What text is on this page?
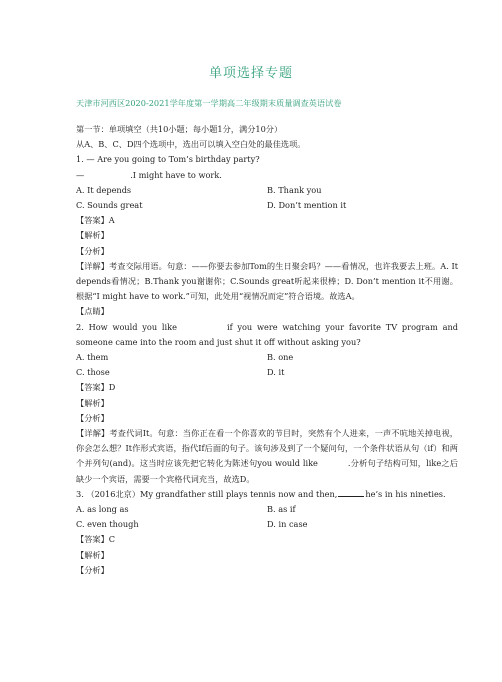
单项选择专题
天津市河西区2020-2021学年度第一学期高二年级期末质量调查英语试卷
第一节：单项填空（共10小题；每小题1分，满分10分）
从A、B、C、D四个选项中，选出可以填入空白处的最佳选项。
1. — Are you going to Tom’s birthday party?
—	.I might have to work.
A. It depends	B. Thank you
C. Sounds great	D. Don’t mention it
【答案】A
【解析】
【分析】
【详解】考查交际用语。句意：——你要去参加Tom的生日聚会吗？——看情况，也许我要去上班。A. It depends看情况；B.Thank you谢谢你；C.Sounds great听起来很棒；D. Don’t mention it不用谢。根据“I might have to work.”可知，此处用“视情况而定”符合语境。故选A。
【点睛】
2. How would you like	if you were watching your favorite TV program and someone came into the room and just shut it off without asking you?
A. them	B. one
C. those	D. it
【答案】D
【解析】
【分析】
【详解】考查代词It。句意：当你正在看一个你喜欢的节目时，突然有个人进来，一声不吭地关掉电视，你会怎么想？It作形式宾语，指代If后面的句子。该句涉及到了一个疑问句，一个条件状语从句（if）和两个并列句(and)。这当时应该先把它转化为陈述句you would like	.分析句子结构可知，like之后缺少一个宾语，需要一个宾格代词充当，故选D。
3. （2016北京）My grandfather still plays tennis now and then,	he’s in his nineties.
A. as long as	B. as if
C. even though	D. in case
【答案】C
【解析】
【分析】
